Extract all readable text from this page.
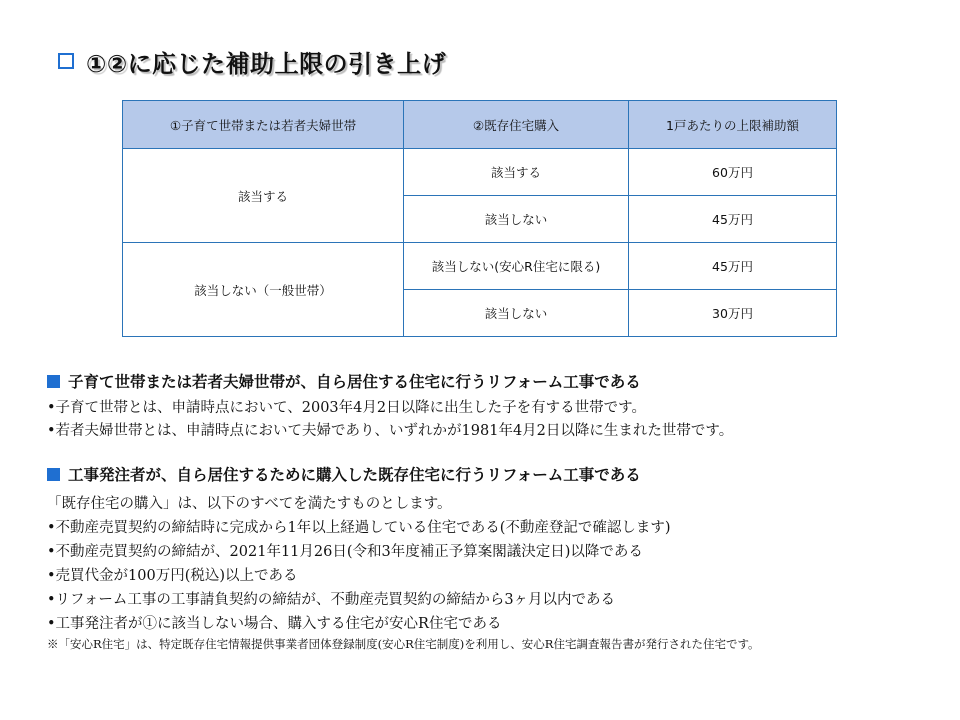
①②に応じた補助上限の引き上げ
①子育て世帯または若者夫婦世帯	②既存住宅購入	1戸あたりの上限補助額
該当する	該当する	60万円
	該当しない	45万円
該当しない（一般世帯）	該当しない(安心R住宅に限る)	45万円
	該当しない	30万円
子育て世帯または若者夫婦世帯が、自ら居住する住宅に行うリフォーム工事である
•子育て世帯とは、申請時点において、2003年4月2日以降に出生した子を有する世帯です。
•若者夫婦世帯とは、申請時点において夫婦であり、いずれかが1981年4月2日以降に生まれた世帯です。
工事発注者が、自ら居住するために購入した既存住宅に行うリフォーム工事である
「既存住宅の購入」は、以下のすべてを満たすものとします。
•不動産売買契約の締結時に完成から1年以上経過している住宅である(不動産登記で確認します)
•不動産売買契約の締結が、2021年11月26日(令和3年度補正予算案閣議決定日)以降である
•売買代金が100万円(税込)以上である
•リフォーム工事の工事請負契約の締結が、不動産売買契約の締結から3ヶ月以内である
•工事発注者が①に該当しない場合、購入する住宅が安心R住宅である
※「安心R住宅」は、特定既存住宅情報提供事業者団体登録制度(安心R住宅制度)を利用し、安心R住宅調査報告書が発行された住宅です。
